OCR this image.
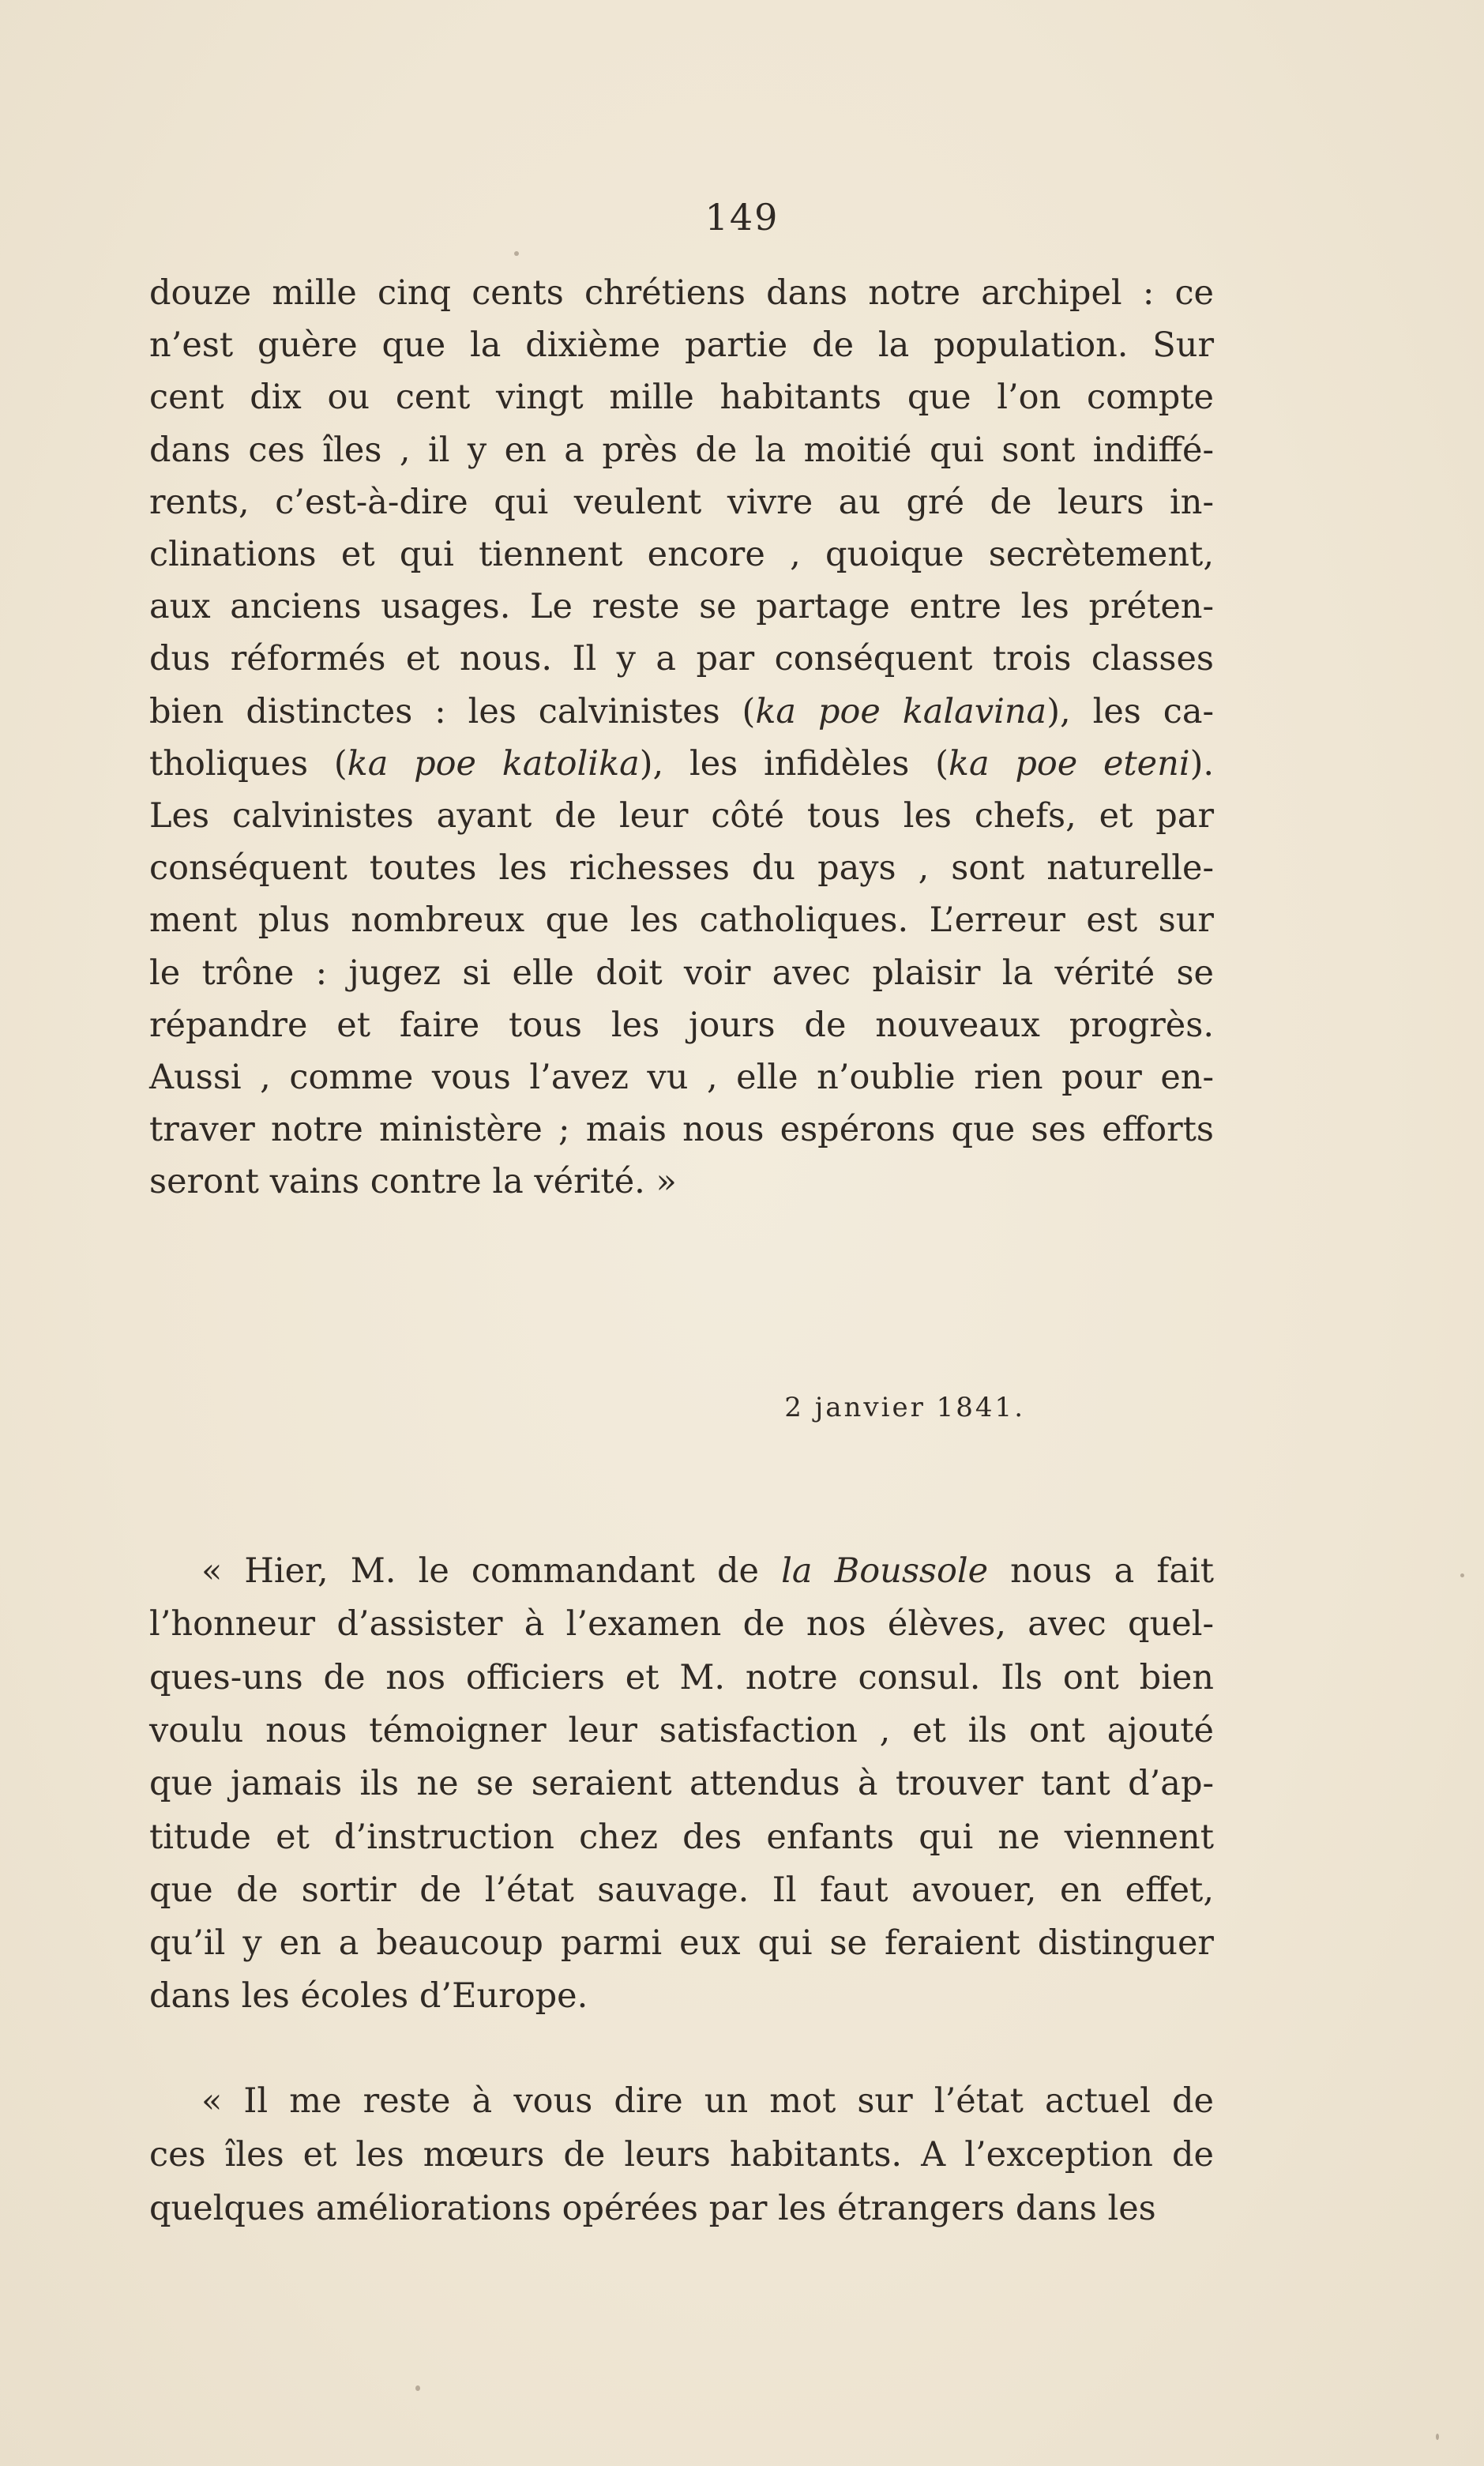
149
douze mille cinq cents chrétiens dans notre archipel : ce
n’est guère que la dixième partie de la population. Sur
cent dix ou cent vingt mille habitants que l’on compte
dans ces îles , il y en a près de la moitié qui sont indiffé-
rents, c’est-à-dire qui veulent vivre au gré de leurs in-
clinations et qui tiennent encore , quoique secrètement,
aux anciens usages. Le reste se partage entre les préten-
dus réformés et nous. Il y a par conséquent trois classes
bien distinctes : les calvinistes (ka poe kalavina), les ca-
tholiques (ka poe katolika), les infidèles (ka poe eteni).
Les calvinistes ayant de leur côté tous les chefs, et par
conséquent toutes les richesses du pays , sont naturelle-
ment plus nombreux que les catholiques. L’erreur est sur
le trône : jugez si elle doit voir avec plaisir la vérité se
répandre et faire tous les jours de nouveaux progrès.
Aussi , comme vous l’avez vu , elle n’oublie rien pour en-
traver notre ministère ; mais nous espérons que ses efforts
seront vains contre la vérité. »
2 janvier 1841.
« Hier, M. le commandant de la Boussole nous a fait
l’honneur d’assister à l’examen de nos élèves, avec quel-
ques-uns de nos officiers et M. notre consul. Ils ont bien
voulu nous témoigner leur satisfaction , et ils ont ajouté
que jamais ils ne se seraient attendus à trouver tant d’ap-
titude et d’instruction chez des enfants qui ne viennent
que de sortir de l’état sauvage. Il faut avouer, en effet,
qu’il y en a beaucoup parmi eux qui se feraient distinguer
dans les écoles d’Europe.
« Il me reste à vous dire un mot sur l’état actuel de
ces îles et les mœurs de leurs habitants. A l’exception de
quelques améliorations opérées par les étrangers dans les
